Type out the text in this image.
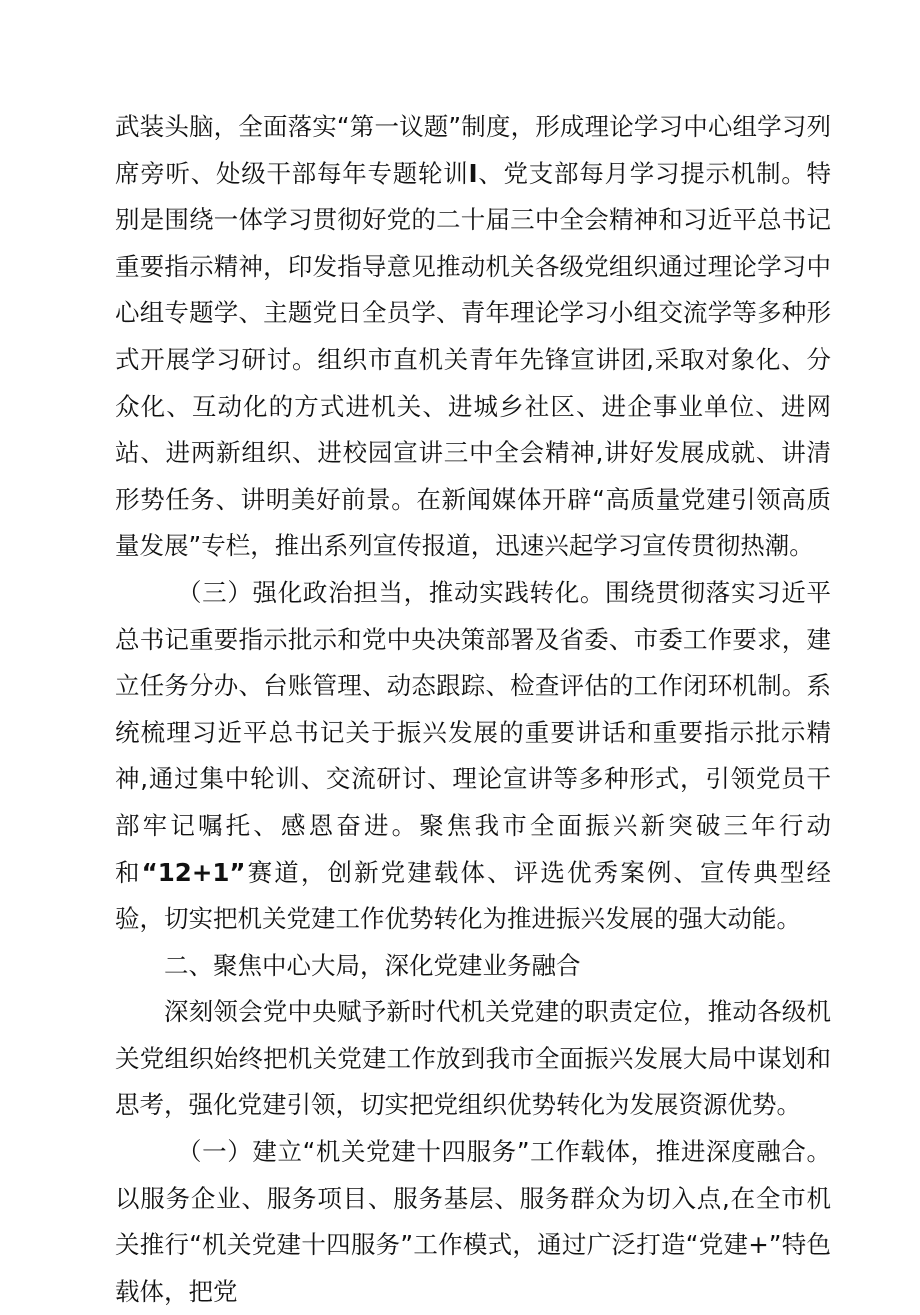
武装头脑，全面落实“第一议题”制度，形成理论学习中心组学习列席旁听、处级干部每年专题轮训I、党支部每月学习提示机制。特别是围绕一体学习贯彻好党的二十届三中全会精神和习近平总书记重要指示精神，印发指导意见推动机关各级党组织通过理论学习中心组专题学、主题党日全员学、青年理论学习小组交流学等多种形式开展学习研讨。组织市直机关青年先锋宣讲团,采取对象化、分众化、互动化的方式进机关、进城乡社区、进企事业单位、进网站、进两新组织、进校园宣讲三中全会精神,讲好发展成就、讲清形势任务、讲明美好前景。在新闻媒体开辟“高质量党建引领高质量发展”专栏，推出系列宣传报道，迅速兴起学习宣传贯彻热潮。

（三）强化政治担当，推动实践转化。围绕贯彻落实习近平总书记重要指示批示和党中央决策部署及省委、市委工作要求，建立任务分办、台账管理、动态跟踪、检查评估的工作闭环机制。系统梳理习近平总书记关于振兴发展的重要讲话和重要指示批示精神,通过集中轮训、交流研讨、理论宣讲等多种形式，引领党员干部牢记嘱托、感恩奋进。聚焦我市全面振兴新突破三年行动和“12+1”赛道，创新党建载体、评选优秀案例、宣传典型经验，切实把机关党建工作优势转化为推进振兴发展的强大动能。

二、聚焦中心大局，深化党建业务融合

深刻领会党中央赋予新时代机关党建的职责定位，推动各级机关党组织始终把机关党建工作放到我市全面振兴发展大局中谋划和思考，强化党建引领，切实把党组织优势转化为发展资源优势。

（一）建立“机关党建十四服务”工作载体，推进深度融合。以服务企业、服务项目、服务基层、服务群众为切入点,在全市机关推行“机关党建十四服务”工作模式，通过广泛打造“党建+”特色载体，把党
